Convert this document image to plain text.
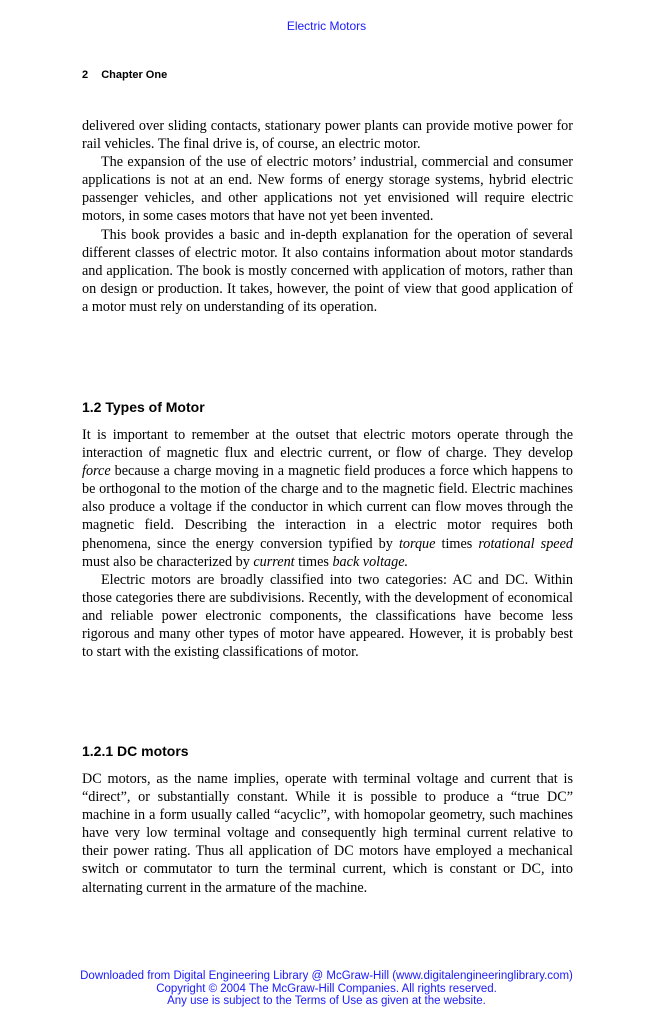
Electric Motors
2 Chapter One

delivered over sliding contacts, stationary power plants can provide motive power for rail vehicles. The final drive is, of course, an electric motor.

The expansion of the use of electric motors’ industrial, commercial and consumer applications is not at an end. New forms of energy storage systems, hybrid electric passenger vehicles, and other applications not yet envisioned will require electric motors, in some cases motors that have not yet been invented.

This book provides a basic and in-depth explanation for the operation of several different classes of electric motor. It also contains information about motor standards and application. The book is mostly concerned with application of motors, rather than on design or production. It takes, however, the point of view that good application of a motor must rely on understanding of its operation.

1.2 Types of Motor

It is important to remember at the outset that electric motors operate through the interaction of magnetic flux and electric current, or flow of charge. They develop force because a charge moving in a magnetic field produces a force which happens to be orthogonal to the motion of the charge and to the magnetic field. Electric machines also produce a voltage if the conductor in which current can flow moves through the magnetic field. Describing the interaction in a electric motor requires both phenomena, since the energy conversion typified by torque times rotational speed must also be characterized by current times back voltage.

Electric motors are broadly classified into two categories: AC and DC. Within those categories there are subdivisions. Recently, with the development of economical and reliable power electronic components, the classifications have become less rigorous and many other types of motor have appeared. However, it is probably best to start with the existing classifications of motor.

1.2.1 DC motors

DC motors, as the name implies, operate with terminal voltage and current that is “direct”, or substantially constant. While it is possible to produce a “true DC” machine in a form usually called “acyclic”, with homopolar geometry, such machines have very low terminal voltage and consequently high terminal current relative to their power rating. Thus all application of DC motors have employed a mechanical switch or commutator to turn the terminal current, which is constant or DC, into alternating current in the armature of the machine.

Downloaded from Digital Engineering Library @ McGraw-Hill (www.digitalengineeringlibrary.com)
Copyright © 2004 The McGraw-Hill Companies. All rights reserved.
Any use is subject to the Terms of Use as given at the website.
